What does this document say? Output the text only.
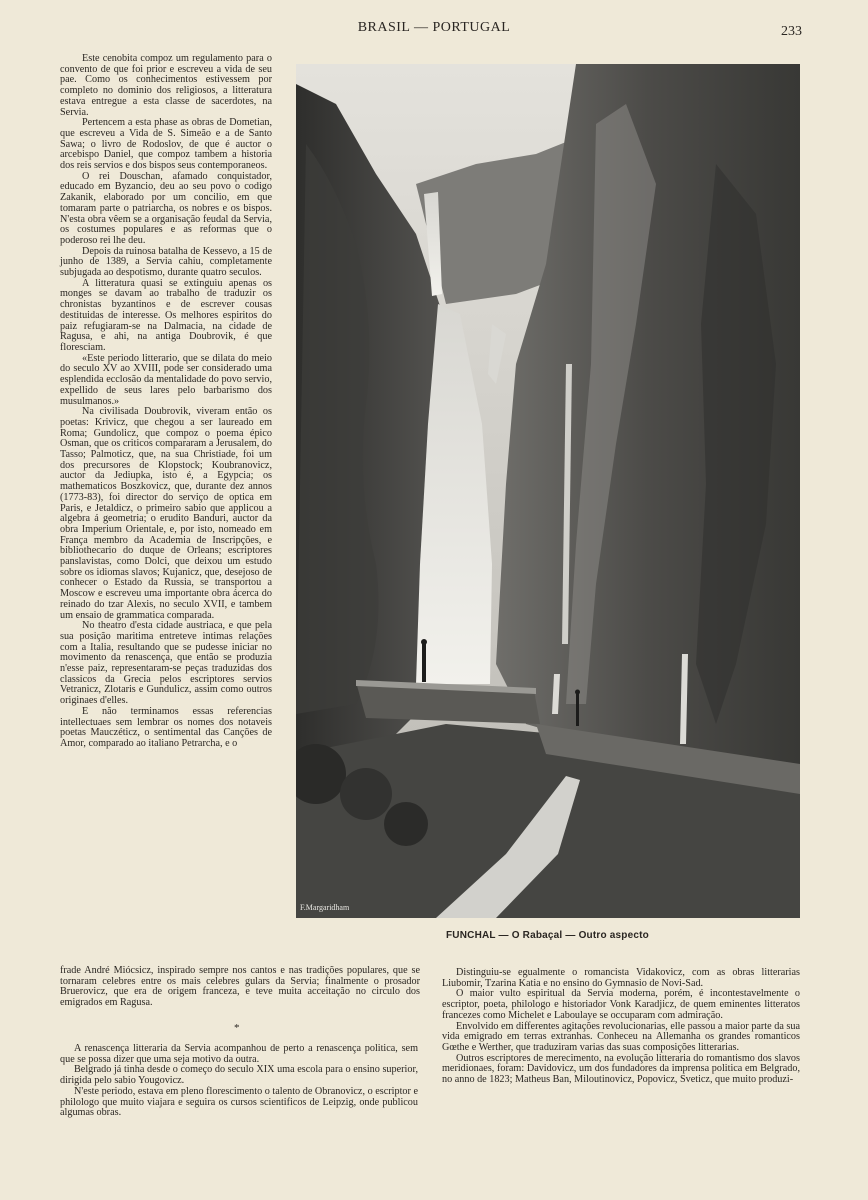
BRASIL — PORTUGAL	233

Este cenobita compoz um regulamento para o convento de que foi prior e escreveu a vida de seu pae. Como os conhecimentos estivessem por completo no dominio dos religiosos, a litteratura estava entregue a esta classe de sacerdotes, na Servia.

Pertencem a esta phase as obras de Dometian, que escreveu a Vida de S. Simeão e a de Santo Sawa; o livro de Rodoslov, de que é auctor o arcebispo Daniel, que compoz tambem a historia dos reis servios e dos bispos seus contemporaneos.

O rei Douschan, afamado conquistador, educado em Byzancio, deu ao seu povo o codigo Zakanik, elaborado por um concilio, em que tomaram parte o patriarcha, os nobres e os bispos. N'esta obra vêem se a organisação feudal da Servia, os costumes populares e as reformas que o poderoso rei lhe deu.

Depois da ruinosa batalha de Kessevo, a 15 de junho de 1389, a Servia cahiu, completamente subjugada ao despotismo, durante quatro seculos.

A litteratura quasi se extinguiu apenas os monges se davam ao trabalho de traduzir os chronistas byzantinos e de escrever cousas destituidas de interesse. Os melhores espiritos do paiz refugiaram-se na Dalmacia, na cidade de Ragusa, e ahi, na antiga Doubrovik, é que floresciam.

«Este periodo litterario, que se dilata do meio do seculo XV ao XVIII, pode ser considerado uma esplendida ecclosão da mentalidade do povo servio, expellido de seus lares pelo barbarismo dos musulmanos.»

Na civilisada Doubrovik, viveram então os poetas: Krivicz, que chegou a ser laureado em Roma; Gundolicz, que compoz o poema épico Osman, que os criticos compararam a Jerusalem, do Tasso; Palmoticz, que, na sua Christiade, foi um dos precursores de Klopstock; Koubranovicz, auctor da Jediupka, isto é, a Egypcia; os mathematicos Boszkovicz, que, durante dez annos (1773-83), foi director do serviço de optica em Paris, e Jetaldicz, o primeiro sabio que applicou a algebra á geometria; o erudito Banduri, auctor da obra Imperium Orientale, e, por isto, nomeado em França membro da Academia de Inscripções, e bibliothecario do duque de Orleans; escriptores panslavistas, como Dolci, que deixou um estudo sobre os idiomas slavos; Kujanicz, que, desejoso de conhecer o Estado da Russia, se transportou a Moscow e escreveu uma importante obra ácerca do reinado do tzar Alexis, no seculo XVII, e tambem um ensaio de grammatica comparada.

No theatro d'esta cidade austriaca, e que pela sua posição maritima entreteve intimas relações com a Italia, resultando que se pudesse iniciar no movimento da renascença, que então se produzia n'esse paiz, representaram-se peças traduzidas dos classicos da Grecia pelos escriptores servios Vetranicz, Zlotaris e Gundulicz, assim como outros originaes d'elles.

E não terminamos essas referencias intellectuaes sem lembrar os nomes dos notaveis poetas Mauczéticz, o sentimental das Canções de Amor, comparado ao italiano Petrarcha, e o

F.Margaridham
FUNCHAL — O Rabaçal — Outro aspecto

frade André Miócsicz, inspirado sempre nos cantos e nas tradições populares, que se tornaram celebres entre os mais celebres gulars da Servia; finalmente o prosador Bruerovicz, que era de origem franceza, e teve muita acceitação no circulo dos emigrados em Ragusa.

*

A renascença litteraria da Servia acompanhou de perto a renascença politica, sem que se possa dizer que uma seja motivo da outra.

Belgrado já tinha desde o começo do seculo XIX uma escola para o ensino superior, dirigida pelo sabio Yougovicz.

N'este periodo, estava em pleno florescimento o talento de Obranovicz, o escriptor e philologo que muito viajara e seguira os cursos scientificos de Leipzig, onde publicou algumas obras.

Distinguiu-se egualmente o romancista Vidakovicz, com as obras litterarias Liubomir, Tzarina Katia e no ensino do Gymnasio de Novi-Sad.

O maior vulto espiritual da Servia moderna, porém, é incontestavelmente o escriptor, poeta, philologo e historiador Vonk Karadjicz, de quem eminentes litteratos francezes como Michelet e Laboulaye se occuparam com admiração.

Envolvido em differentes agitações revolucionarias, elle passou a maior parte da sua vida emigrado em terras extranhas. Conheceu na Allemanha os grandes romanticos Gœthe e Werther, que traduziram varias das suas composições litterarias.

Outros escriptores de merecimento, na evolução litteraria do romantismo dos slavos meridionaes, foram: Davidovicz, um dos fundadores da imprensa politica em Belgrado, no anno de 1823; Matheus Ban, Miloutinovicz, Popovicz, Sveticz, que muito produzi-
